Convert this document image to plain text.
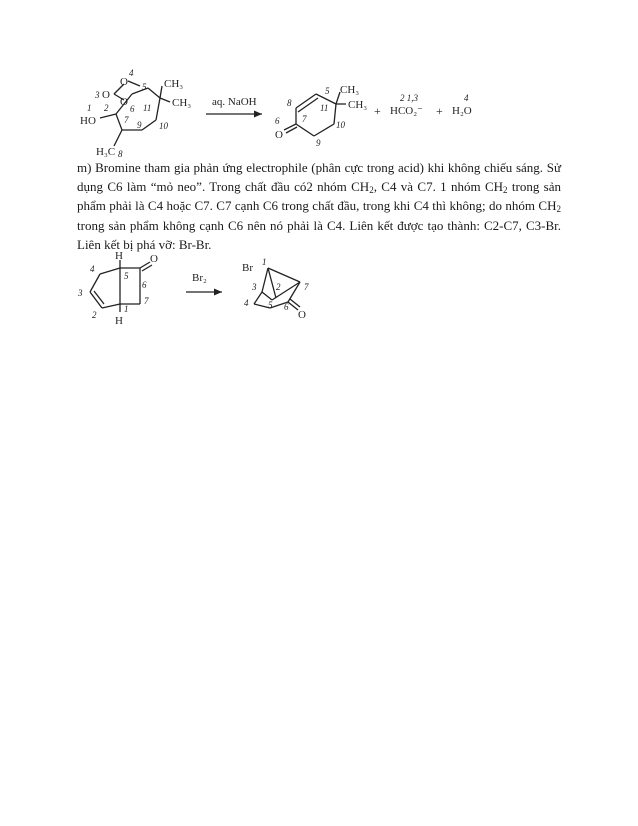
O
O
O
HO
H₃C
CH₃
CH₃
1 2
3
4
5
6
7
8
9 10
11	aq. NaOH
O
CH₃
CH₃
5
6	7
8
9
10
11	+
2 1,3
HCO₂⁻ +
4
H₂O

m) Bromine tham gia phản ứng electrophile (phân cực trong acid) khi không chiếu sáng. Sử dụng C6 làm “mỏ neo”. Trong chất đầu có2 nhóm $CH_2$, C4 và C7. 1 nhóm $CH_2$ trong sản phẩm phải là C4 hoặc C7. C7 cạnh C6 trong chất đầu, trong khi C4 thì không; do nhóm $CH_2$ trong sản phẩm không cạnh C6 nên nó phải là C4. Liên kết được tạo thành: C2-C7, C3-Br. Liên kết bị phá vỡ: Br-Br.

H
H
O
1
2
3
4
5
6
7
Br₂
Br
O
1
2
3
4 5 6
7
